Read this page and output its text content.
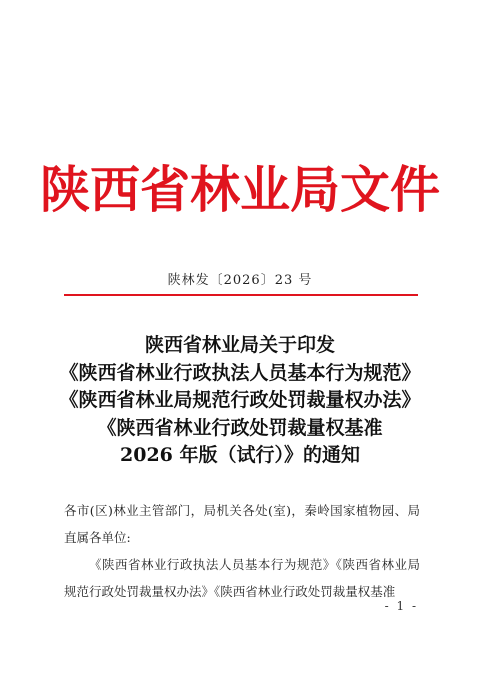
陕西省林业局文件
陕林发〔2026〕23 号
陕西省林业局关于印发
《陕西省林业行政执法人员基本行为规范》
《陕西省林业局规范行政处罚裁量权办法》
《陕西省林业行政处罚裁量权基准
2026 年版（试行）》的通知

各市(区)林业主管部门，局机关各处(室)，秦岭国家植物园、局直属各单位:

《陕西省林业行政执法人员基本行为规范》《陕西省林业局规范行政处罚裁量权办法》《陕西省林业行政处罚裁量权基准

- 1 -
